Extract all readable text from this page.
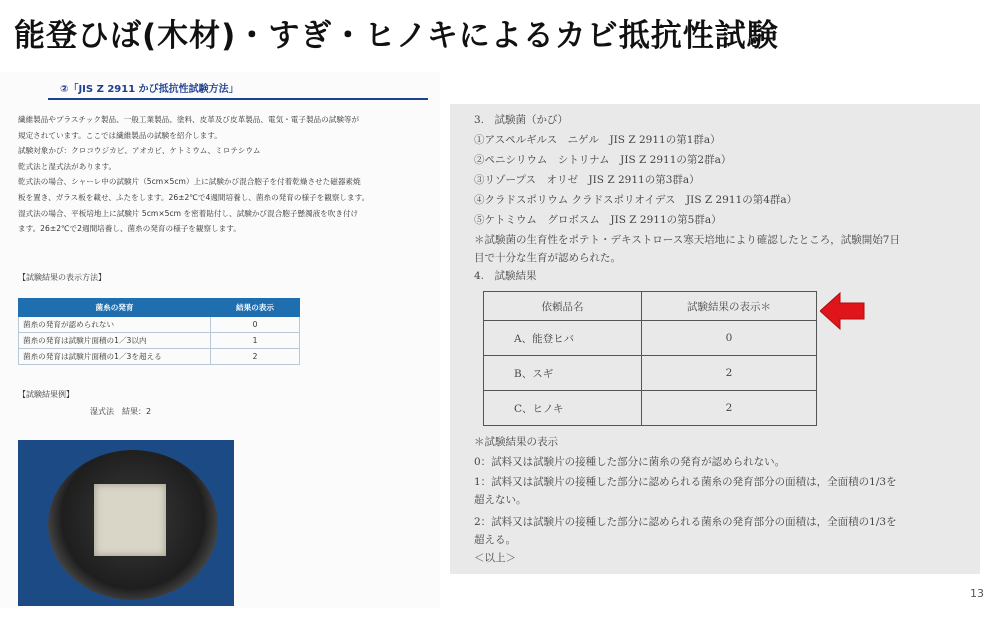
能登ひば(木材)・すぎ・ヒノキによるカビ抵抗性試験
②「JIS Z 2911 かび抵抗性試験方法」
繊維製品やプラスチック製品、一般工業製品、塗料、皮革及び皮革製品、電気・電子製品の試験等が
規定されています。ここでは繊維製品の試験を紹介します。
試験対象かび：クロコウジカビ、アオカビ、ケトミウム、ミロテシウム
乾式法と湿式法があります。
乾式法の場合、シャーレ中の試験片（5cm×5cm）上に試験かび混合胞子を付着乾燥させた磁器素焼
板を置き、ガラス板を載せ、ふたをします。26±2℃で4週間培養し、菌糸の発育の様子を観察します。
湿式法の場合、平板培地上に試験片 5cm×5cm を密着貼付し、試験かび混合胞子懸濁液を吹き付け
ます。26±2℃で2週間培養し、菌糸の発育の様子を観察します。
【試験結果の表示方法】
菌糸の発育	結果の表示
菌糸の発育が認められない	0
菌糸の発育は試験片面積の1／3以内	1
菌糸の発育は試験片面積の1／3を超える	2
【試験結果例】
湿式法　結果：2
3.　試験菌（かび）
①アスペルギルス　ニゲル　JIS Z 2911の第1群a）
②ペニシリウム　シトリナム　JIS Z 2911の第2群a）
③リゾープス　オリゼ　JIS Z 2911の第3群a）
④クラドスポリウム クラドスポリオイデス　JIS Z 2911の第4群a）
⑤ケトミウム　グロボスム　JIS Z 2911の第5群a）
＊試験菌の生育性をポテト・デキストロース寒天培地により確認したところ，試験開始7日
目で十分な生育が認められた。
4.　試験結果
依頼品名	試験結果の表示＊
A、能登ヒバ	0
B、スギ	2
C、ヒノキ	2
＊試験結果の表示
0：試料又は試験片の接種した部分に菌糸の発育が認められない。
1：試料又は試験片の接種した部分に認められる菌糸の発育部分の面積は，全面積の1/3を
超えない。
2：試料又は試験片の接種した部分に認められる菌糸の発育部分の面積は，全面積の1/3を
超える。
＜以上＞
13
